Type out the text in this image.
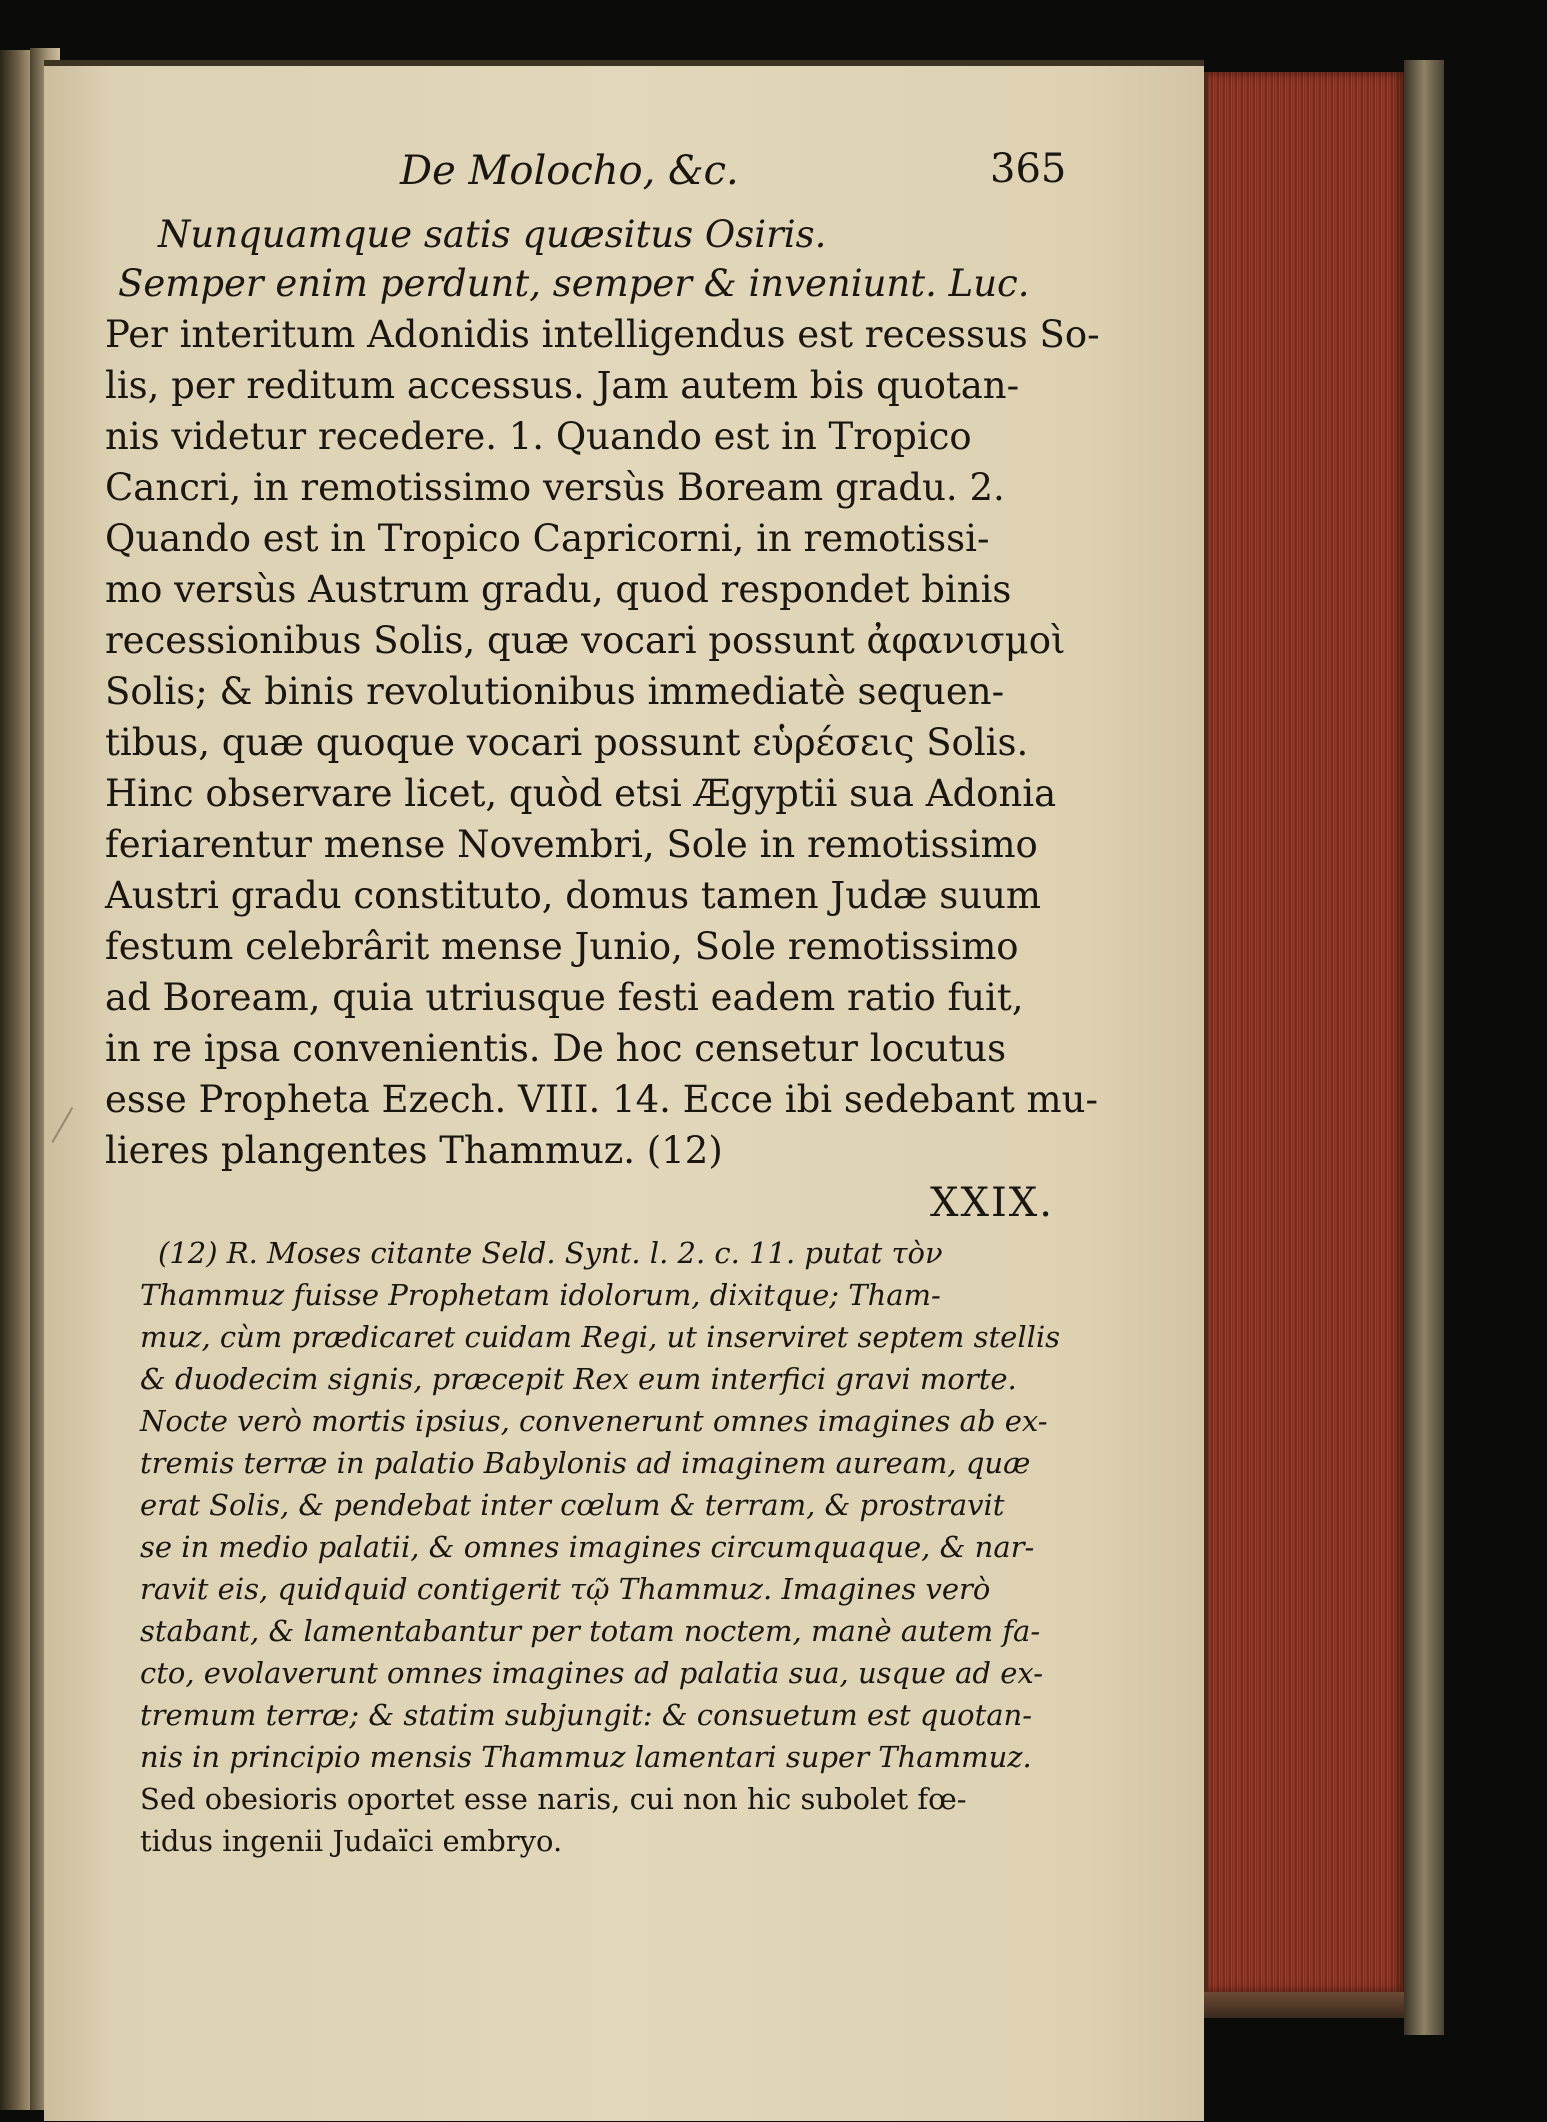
De Molocho, &c.	365
Nunquamque satis quæsitus Osiris.
Semper enim perdunt, semper & inveniunt. Luc.
Per interitum Adonidis intelligendus est recessus So-
lis, per reditum accessus. Jam autem bis quotan-
nis videtur recedere. 1. Quando est in Tropico
Cancri, in remotissimo versùs Boream gradu. 2.
Quando est in Tropico Capricorni, in remotissi-
mo versùs Austrum gradu, quod respondet binis
recessionibus Solis, quæ vocari possunt ἀφανισμοὶ
Solis; & binis revolutionibus immediatè sequen-
tibus, quæ quoque vocari possunt εὑρέσεις Solis.
Hinc observare licet, quòd etsi Ægyptii sua Adonia
feriarentur mense Novembri, Sole in remotissimo
Austri gradu constituto, domus tamen Judæ suum
festum celebrârit mense Junio, Sole remotissimo
ad Boream, quia utriusque festi eadem ratio fuit,
in re ipsa convenientis. De hoc censetur locutus
esse Propheta Ezech. VIII. 14. Ecce ibi sedebant mu-
lieres plangentes Thammuz. (12)
XXIX.
(12) R. Moses citante Seld. Synt. l. 2. c. 11. putat τὸν
Thammuz fuisse Prophetam idolorum, dixitque; Tham-
muz, cùm prædicaret cuidam Regi, ut inserviret septem stellis
& duodecim signis, præcepit Rex eum interfici gravi morte.
Nocte verò mortis ipsius, convenerunt omnes imagines ab ex-
tremis terræ in palatio Babylonis ad imaginem auream, quæ
erat Solis, & pendebat inter cœlum & terram, & prostravit
se in medio palatii, & omnes imagines circumquaque, & nar-
ravit eis, quidquid contigerit τῷ Thammuz. Imagines verò
stabant, & lamentabantur per totam noctem, manè autem fa-
cto, evolaverunt omnes imagines ad palatia sua, usque ad ex-
tremum terræ; & statim subjungit: & consuetum est quotan-
nis in principio mensis Thammuz lamentari super Thammuz.
Sed obesioris oportet esse naris, cui non hic subolet fœ-
tidus ingenii Judaïci embryo.
